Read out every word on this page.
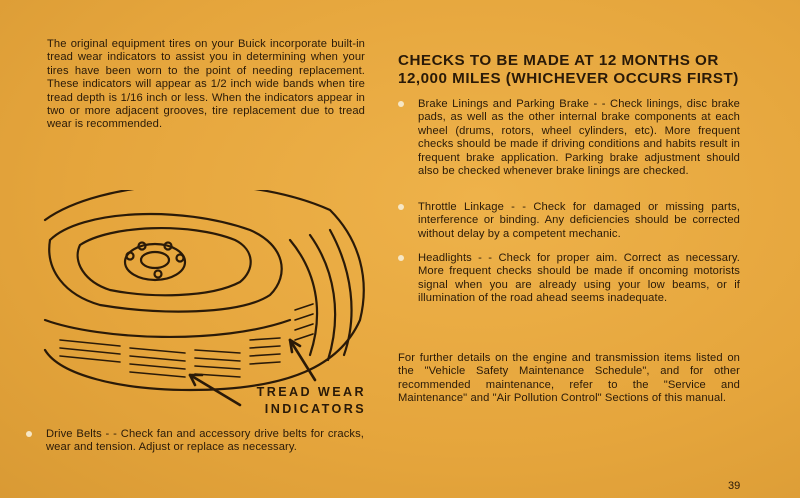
The original equipment tires on your Buick incorporate built-in tread wear indicators to assist you in determining when your tires have been worn to the point of needing replacement. These indicators will appear as 1/2 inch wide bands when tire tread depth is 1/16 inch or less. When the indicators appear in two or more adjacent grooves, tire replacement due to tread wear is recommended.
TREAD WEAR
INDICATORS
CHECKS TO BE MADE AT 12 MONTHS OR 12,000 MILES (WHICHEVER OCCURS FIRST)
Brake Linings and Parking Brake - - Check linings, disc brake pads, as well as the other internal brake components at each wheel (drums, rotors, wheel cylinders, etc). More frequent checks should be made if driving conditions and habits result in frequent brake application. Parking brake adjustment should also be checked whenever brake linings are checked.
Throttle Linkage - - Check for damaged or missing parts, interference or binding. Any deficiencies should be corrected without delay by a competent mechanic.
Headlights - - Check for proper aim. Correct as necessary. More frequent checks should be made if oncoming motorists signal when you are already using your low beams, or if illumination of the road ahead seems inadequate.
For further details on the engine and transmission items listed on the "Vehicle Safety Maintenance Schedule", and for other recommended maintenance, refer to the "Service and Maintenance" and "Air Pollution Control" Sections of this manual.
Drive Belts - - Check fan and accessory drive belts for cracks, wear and tension. Adjust or replace as necessary.
39
